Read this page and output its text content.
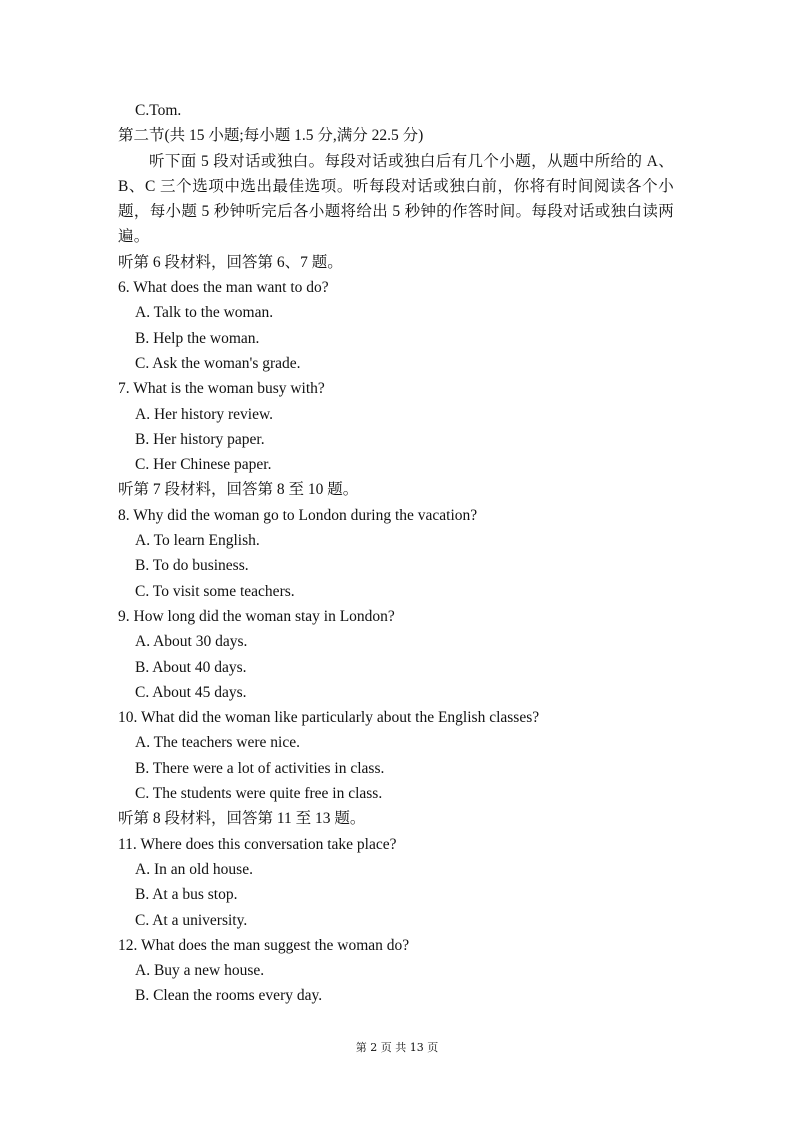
C.Tom.
第二节(共 15 小题;每小题 1.5 分,满分 22.5 分)
听下面 5 段对话或独白。每段对话或独白后有几个小题，从题中所给的 A、B、C 三个选项中选出最佳选项。听每段对话或独白前，你将有时间阅读各个小题，每小题 5 秒钟听完后各小题将给出 5 秒钟的作答时间。每段对话或独白读两遍。
听第 6 段材料，回答第 6、7 题。
6. What does the man want to do?
A. Talk to the woman.
B. Help the woman.
C. Ask the woman's grade.
7. What is the woman busy with?
A. Her history review.
B. Her history paper.
C. Her Chinese paper.
听第 7 段材料，回答第 8 至 10 题。
8. Why did the woman go to London during the vacation?
A. To learn English.
B. To do business.
C. To visit some teachers.
9. How long did the woman stay in London?
A. About 30 days.
B. About 40 days.
C. About 45 days.
10. What did the woman like particularly about the English classes?
A. The teachers were nice.
B. There were a lot of activities in class.
C. The students were quite free in class.
听第 8 段材料，回答第 11 至 13 题。
11. Where does this conversation take place?
A. In an old house.
B. At a bus stop.
C. At a university.
12. What does the man suggest the woman do?
A. Buy a new house.
B. Clean the rooms every day.
第 2 页 共 13 页
